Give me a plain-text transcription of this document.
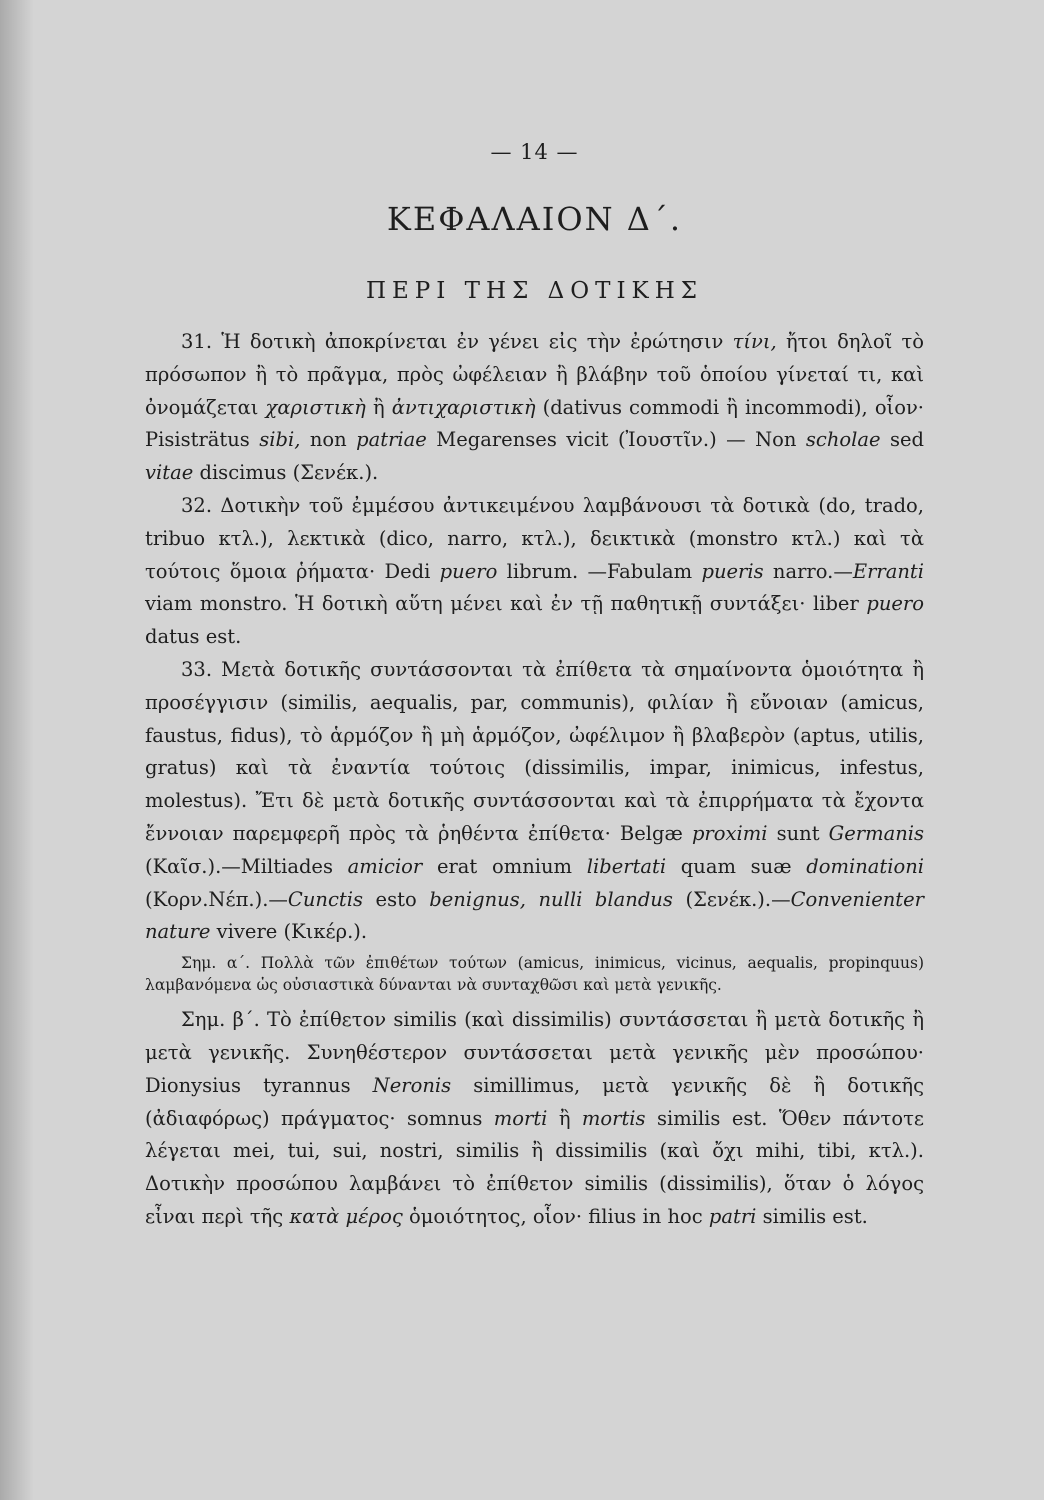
— 14 —
ΚΕΦΑΛΑΙΟΝ Δ΄.
ΠΕΡΙ ΤΗΣ ΔΟΤΙΚΗΣ

31. Ἡ δοτικὴ ἀποκρίνεται ἐν γένει εἰς τὴν ἐρώτησιν τίνι, ἤτοι δηλοῖ τὸ πρόσωπον ἢ τὸ πρᾶγμα, πρὸς ὠφέλειαν ἢ βλάβην τοῦ ὁποίου γίνεταί τι, καὶ ὀνομάζεται χαριστικὴ ἢ ἀντιχαριστικὴ (dativus commodi ἢ incommodi), οἷον· Pisisträtus sibi, non patriae Megarenses vicit (Ἰουστῖν.) — Non scholae sed vitae discimus (Σενέκ.).

32. Δοτικὴν τοῦ ἐμμέσου ἀντικειμένου λαμβάνουσι τὰ δοτικὰ (do, trado, tribuo κτλ.), λεκτικὰ (dico, narro, κτλ.), δεικτικὰ (monstro κτλ.) καὶ τὰ τούτοις ὅμοια ῥήματα· Dedi puero librum. —Fabulam pueris narro.—Erranti viam monstro. Ἡ δοτικὴ αὕτη μένει καὶ ἐν τῇ παθητικῇ συντάξει· liber puero datus est.

33. Μετὰ δοτικῆς συντάσσονται τὰ ἐπίθετα τὰ σημαίνοντα ὁμοιότητα ἢ προσέγγισιν (similis, aequalis, par, communis), φιλίαν ἢ εὔνοιαν (amicus, faustus, fidus), τὸ ἁρμόζον ἢ μὴ ἁρμόζον, ὠφέλιμον ἢ βλαβερὸν (aptus, utilis, gratus) καὶ τὰ ἐναντία τούτοις (dissimilis, impar, inimicus, infestus, molestus). Ἔτι δὲ μετὰ δοτικῆς συντάσσονται καὶ τὰ ἐπιρρήματα τὰ ἔχοντα ἔννοιαν παρεμφερῆ πρὸς τὰ ῥηθέντα ἐπίθετα· Belgæ proximi sunt Germanis (Καῖσ.).—Miltiades amicior erat omnium libertati quam suæ dominationi (Κορν.Νέπ.).—Cunctis esto benignus, nulli blandus (Σενέκ.).—Convenienter nature vivere (Κικέρ.).

Σημ. α΄. Πολλὰ τῶν ἐπιθέτων τούτων (amicus, inimicus, vicinus, aequalis, propinquus) λαμβανόμενα ὡς οὐσιαστικὰ δύνανται νὰ συνταχθῶσι καὶ μετὰ γενικῆς.

Σημ. β΄. Τὸ ἐπίθετον similis (καὶ dissimilis) συντάσσεται ἢ μετὰ δοτικῆς ἢ μετὰ γενικῆς. Συνηθέστερον συντάσσεται μετὰ γενικῆς μὲν προσώπου· Dionysius tyrannus Neronis simillimus, μετὰ γενικῆς δὲ ἢ δοτικῆς (ἀδιαφόρως) πράγματος· somnus morti ἢ mortis similis est. Ὅθεν πάντοτε λέγεται mei, tui, sui, nostri, similis ἢ dissimilis (καὶ ὄχι mihi, tibi, κτλ.). Δοτικὴν προσώπου λαμβάνει τὸ ἐπίθετον similis (dissimilis), ὅταν ὁ λόγος εἶναι περὶ τῆς κατὰ μέρος ὁμοιότητος, οἷον· filius in hoc patri similis est.
